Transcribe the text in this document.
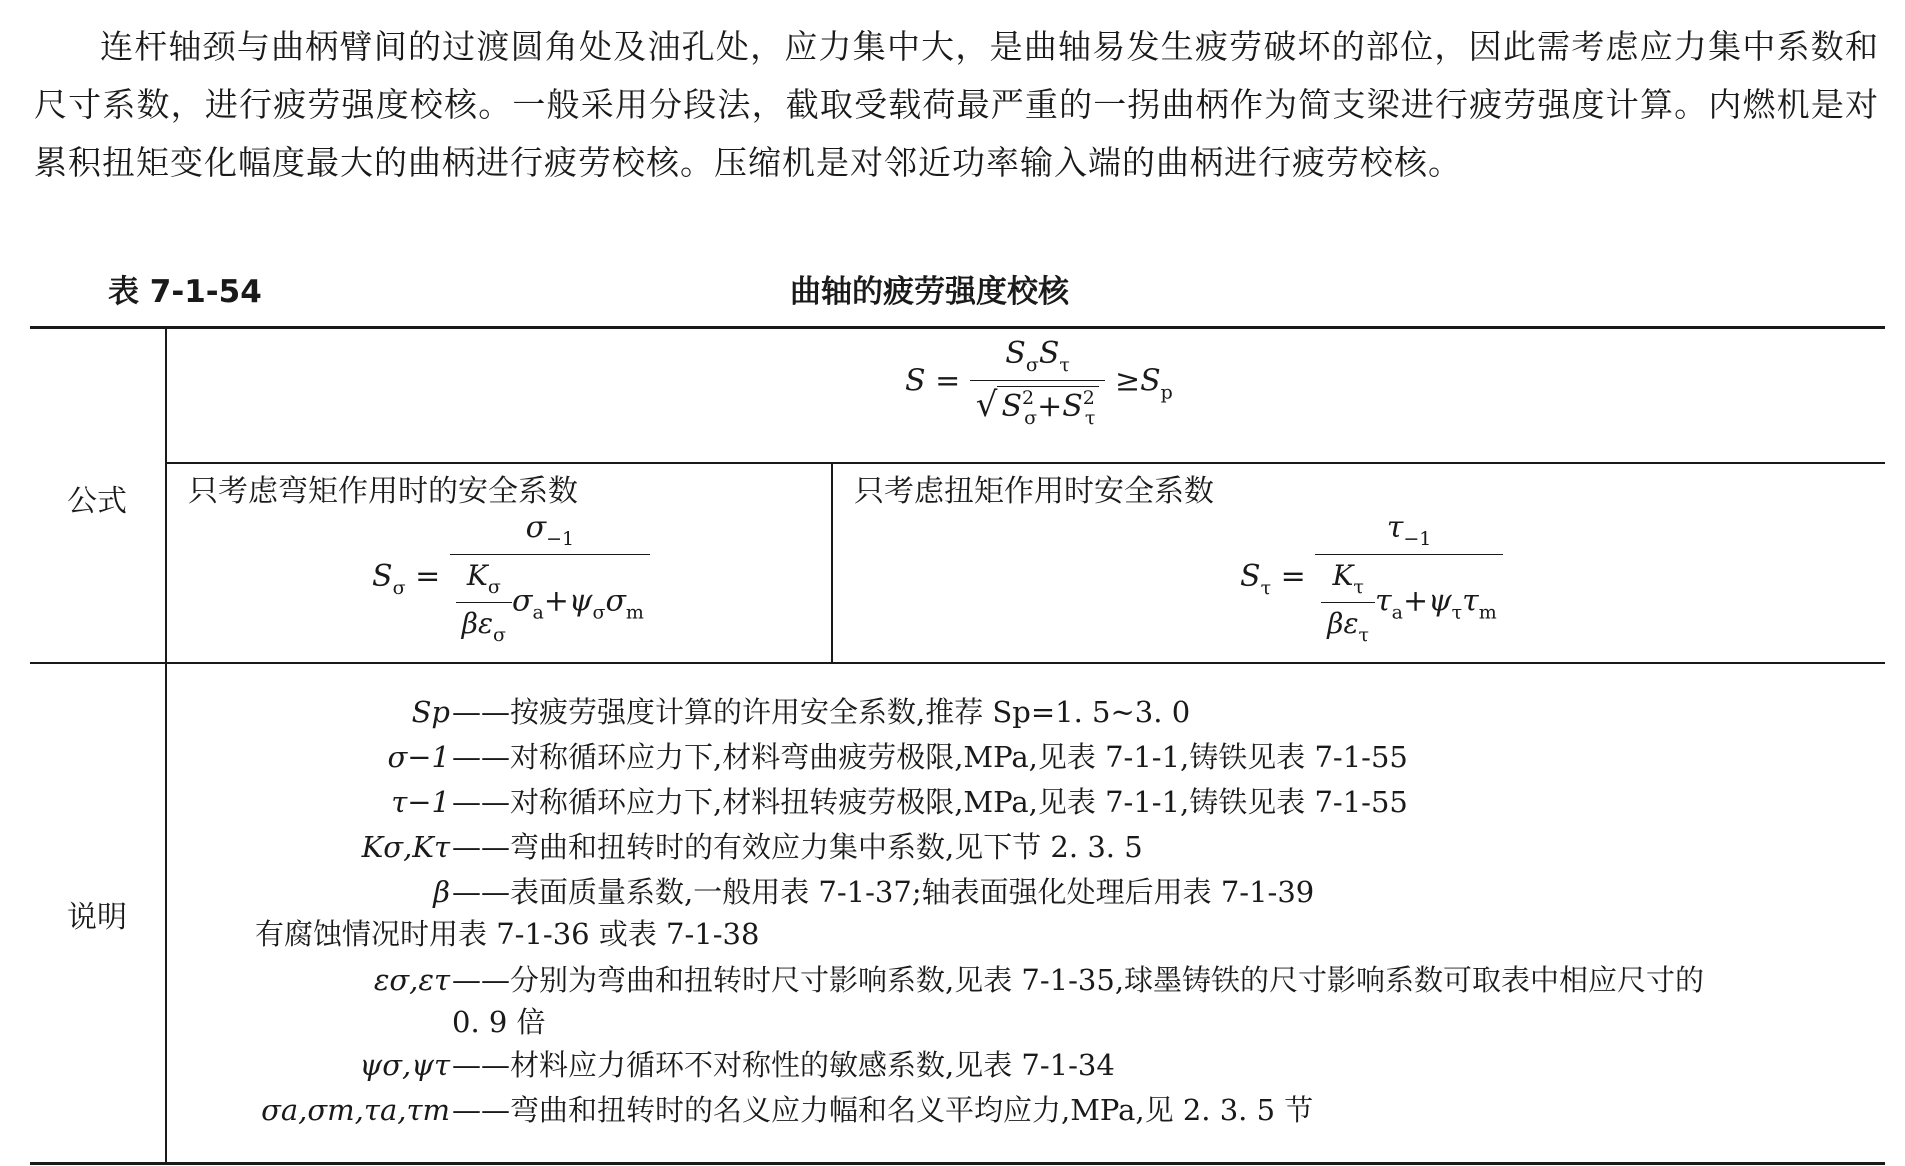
连杆轴颈与曲柄臂间的过渡圆角处及油孔处，应力集中大，是曲轴易发生疲劳破坏的部位，因此需考虑应力集中系数和尺寸系数，进行疲劳强度校核。一般采用分段法，截取受载荷最严重的一拐曲柄作为简支梁进行疲劳强度计算。内燃机是对累积扭矩变化幅度最大的曲柄进行疲劳校核。压缩机是对邻近功率输入端的曲柄进行疲劳校核。

表 7-1-54	曲轴的疲劳强度校核
公式
说明
$S = \frac{S_\sigma S_\tau}{√ S^2_\sigma+S^2_\tau} \ge S_p$
只考虑弯矩作用时的安全系数
$S_\sigma = \frac{\sigma_{-1}}{\frac{K_\sigma}{\beta\varepsilon_\sigma} \sigma_a+\psi_\sigma\sigma_m}$
只考虑扭矩作用时安全系数
$S_\tau = \frac{\tau_{-1}}{\frac{K_\tau}{\beta\varepsilon_\tau} \tau_a+\psi_\tau\tau_m}$
Sp ——按疲劳强度计算的许用安全系数,推荐 Sp=1. 5~3. 0
σ−1 ——对称循环应力下,材料弯曲疲劳极限,MPa,见表 7-1-1,铸铁见表 7-1-55
τ−1 ——对称循环应力下,材料扭转疲劳极限,MPa,见表 7-1-1,铸铁见表 7-1-55
Kσ,Kτ ——弯曲和扭转时的有效应力集中系数,见下节 2. 3. 5
β ——表面质量系数,一般用表 7-1-37;轴表面强化处理后用表 7-1-39
有腐蚀情况时用表 7-1-36 或表 7-1-38
εσ,ετ ——分别为弯曲和扭转时尺寸影响系数,见表 7-1-35,球墨铸铁的尺寸影响系数可取表中相应尺寸的
0. 9 倍
ψσ,ψτ ——材料应力循环不对称性的敏感系数,见表 7-1-34
σa,σm,τa,τm ——弯曲和扭转时的名义应力幅和名义平均应力,MPa,见 2. 3. 5 节
